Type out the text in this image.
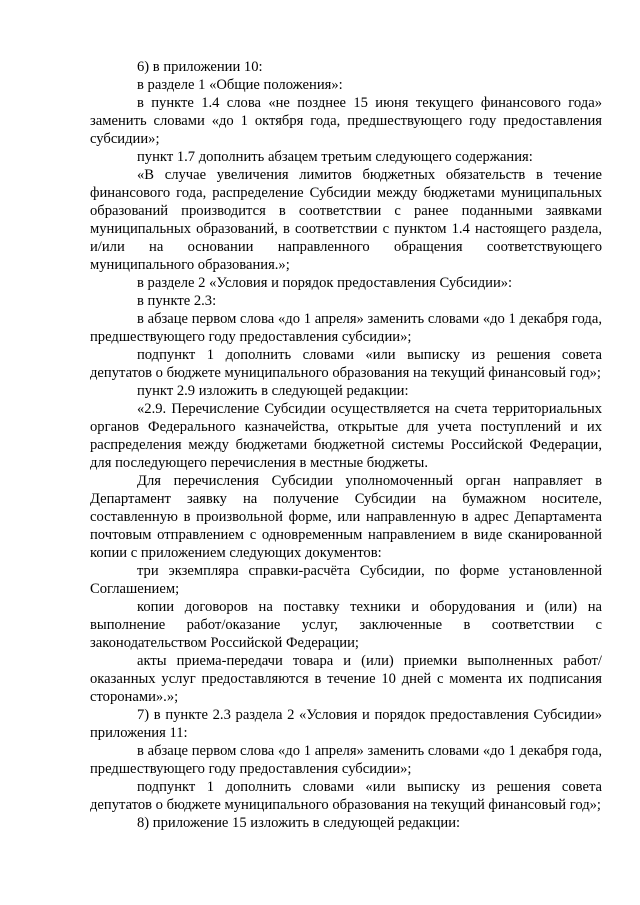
6) в приложении 10:

в разделе 1 «Общие положения»:

в пункте 1.4 слова «не позднее 15 июня текущего финансового года» заменить словами «до 1 октября года, предшествующего году предоставления субсидии»;

пункт 1.7 дополнить абзацем третьим следующего содержания:

«В случае увеличения лимитов бюджетных обязательств в течение финансового года, распределение Субсидии между бюджетами муниципальных образований производится в соответствии с ранее поданными заявками муниципальных образований, в соответствии с пунктом 1.4 настоящего раздела, и/или на основании направленного обращения соответствующего муниципального образования.»;

в разделе 2 «Условия и порядок предоставления Субсидии»:

в пункте 2.3:

в абзаце первом слова «до 1 апреля» заменить словами «до 1 декабря года, предшествующего году предоставления субсидии»;

подпункт 1 дополнить словами «или выписку из решения совета депутатов о бюджете муниципального образования на текущий финансовый год»;

пункт 2.9 изложить в следующей редакции:

«2.9. Перечисление Субсидии осуществляется на счета территориальных органов Федерального казначейства, открытые для учета поступлений и их распределения между бюджетами бюджетной системы Российской Федерации, для последующего перечисления в местные бюджеты.

Для перечисления Субсидии уполномоченный орган направляет в Департамент заявку на получение Субсидии на бумажном носителе, составленную в произвольной форме, или направленную в адрес Департамента почтовым отправлением с одновременным направлением в виде сканированной копии с приложением следующих документов:

три экземпляра справки-расчёта Субсидии, по форме установленной Соглашением;

копии договоров на поставку техники и оборудования и (или) на выполнение работ/оказание услуг, заключенные в соответствии с законодательством Российской Федерации;

акты приема-передачи товара и (или) приемки выполненных работ/оказанных услуг предоставляются в течение 10 дней с момента их подписания сторонами».»;

7) в пункте 2.3 раздела 2 «Условия и порядок предоставления Субсидии» приложения 11:

в абзаце первом слова «до 1 апреля» заменить словами «до 1 декабря года, предшествующего году предоставления субсидии»;

подпункт 1 дополнить словами «или выписку из решения совета депутатов о бюджете муниципального образования на текущий финансовый год»;

8) приложение 15 изложить в следующей редакции:
